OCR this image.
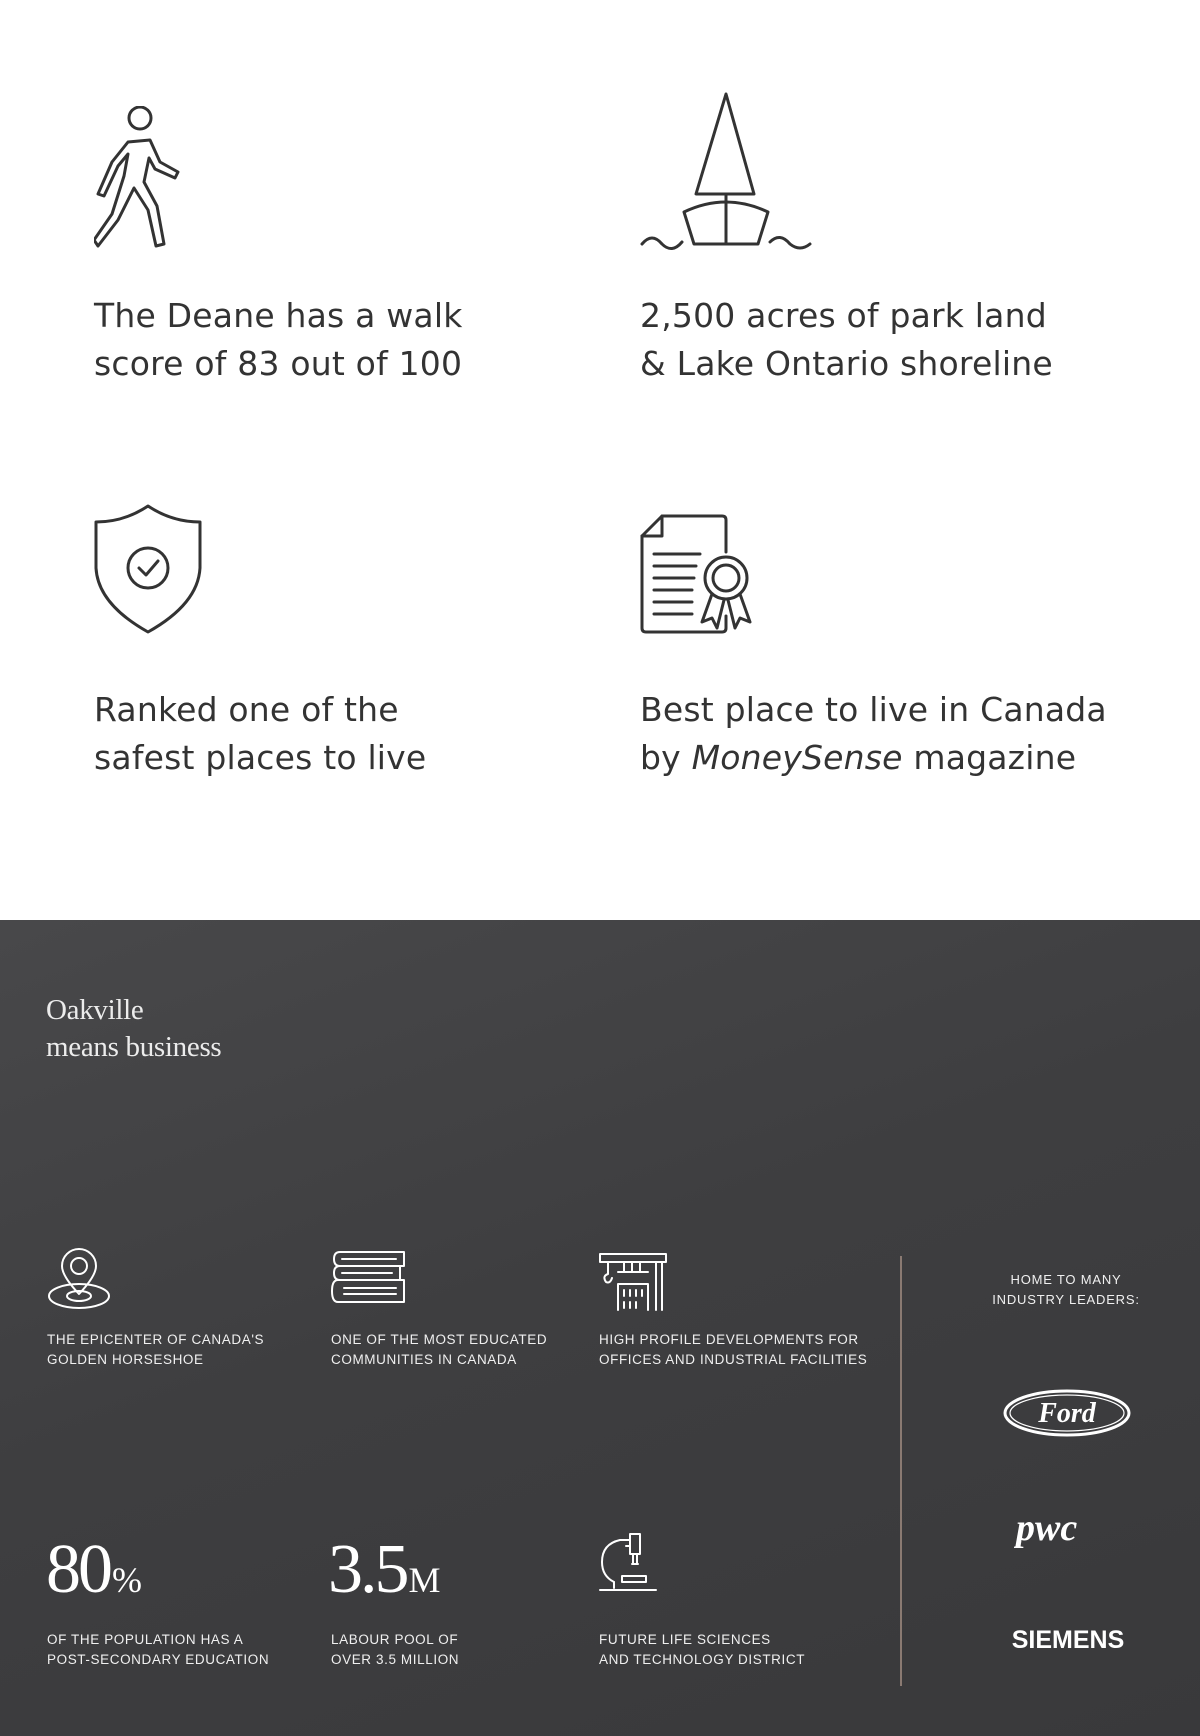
The Deane has a walk
score of 83 out of 100
2,500 acres of park land
& Lake Ontario shoreline
Ranked one of the
safest places to live
Best place to live in Canada
by MoneySense magazine
Oakville
means business
THE EPICENTER OF CANADA'S
GOLDEN HORSESHOE
ONE OF THE MOST EDUCATED
COMMUNITIES IN CANADA
HIGH PROFILE DEVELOPMENTS FOR
OFFICES AND INDUSTRIAL FACILITIES
80%
OF THE POPULATION HAS A
POST-SECONDARY EDUCATION
3.5M
LABOUR POOL OF
OVER 3.5 MILLION
FUTURE LIFE SCIENCES
AND TECHNOLOGY DISTRICT
HOME TO MANY
INDUSTRY LEADERS:
Ford
pwc
SIEMENS
